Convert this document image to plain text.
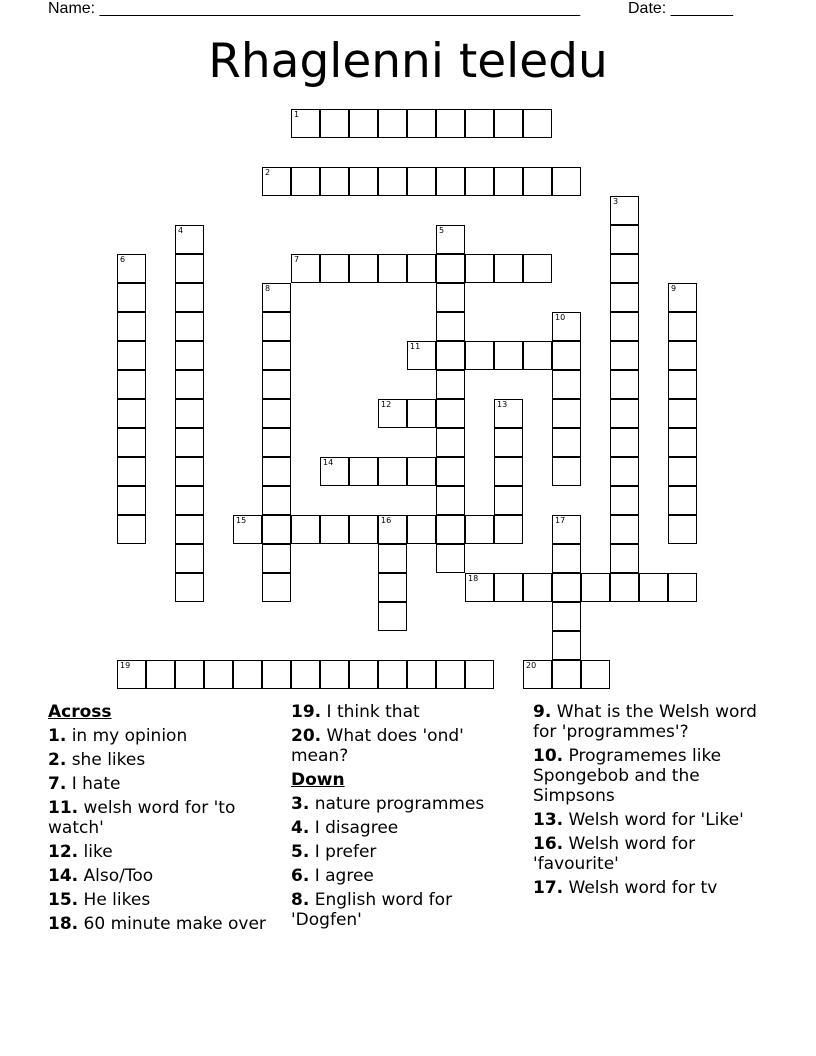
Name: ______________________________________________________	Date: _______
Rhaglenni teledu
1
2
3
4	5
6	7
8	9
10
11
12	13
14
15	16	17
18
19	20
Across
1. in my opinion
2. she likes
7. I hate
11. welsh word for 'to watch'
12. like
14. Also/Too
15. He likes
18. 60 minute make over
19. I think that
20. What does 'ond' mean?
Down
3. nature programmes
4. I disagree
5. I prefer
6. I agree
8. English word for 'Dogfen'
9. What is the Welsh word for 'programmes'?
10. Programemes like Spongebob and the Simpsons
13. Welsh word for 'Like'
16. Welsh word for 'favourite'
17. Welsh word for tv
